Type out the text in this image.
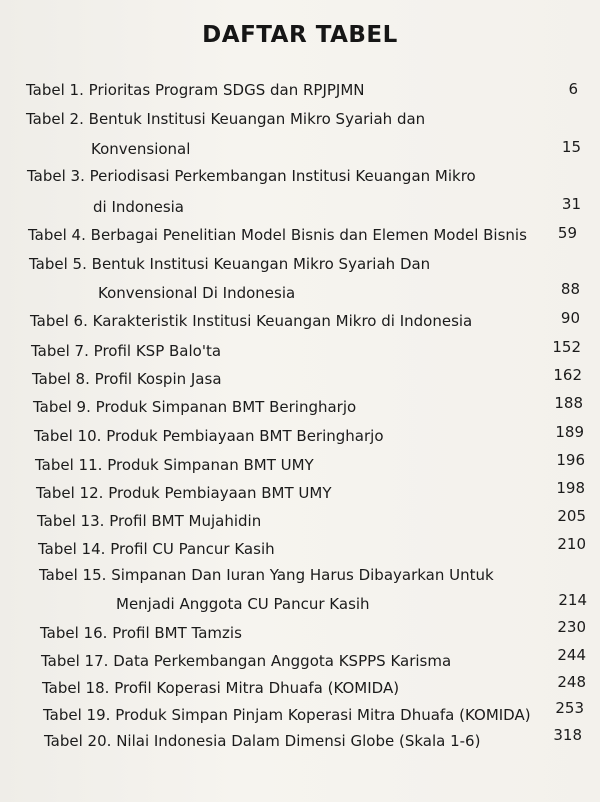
DAFTAR TABEL
Tabel 1. Prioritas Program SDGS dan RPJPJMN	6
Tabel 2. Bentuk Institusi Keuangan Mikro Syariah dan
Konvensional	15
Tabel 3. Periodisasi Perkembangan Institusi Keuangan Mikro
di Indonesia	31
Tabel 4. Berbagai Penelitian Model Bisnis dan Elemen Model Bisnis	59
Tabel 5. Bentuk Institusi Keuangan Mikro Syariah Dan
Konvensional Di Indonesia	88
Tabel 6. Karakteristik Institusi Keuangan Mikro di Indonesia	90
Tabel 7. Profil KSP Balo'ta	152
Tabel 8. Profil Kospin Jasa	162
Tabel 9. Produk Simpanan BMT Beringharjo	188
Tabel 10. Produk Pembiayaan BMT Beringharjo	189
Tabel 11. Produk Simpanan BMT UMY	196
Tabel 12. Produk Pembiayaan BMT UMY	198
Tabel 13. Profil BMT Mujahidin	205
Tabel 14. Profil CU Pancur Kasih	210
Tabel 15. Simpanan Dan Iuran Yang Harus Dibayarkan Untuk
Menjadi Anggota CU Pancur Kasih	214
Tabel 16. Profil BMT Tamzis	230
Tabel 17. Data Perkembangan Anggota KSPPS Karisma	244
Tabel 18. Profil Koperasi Mitra Dhuafa (KOMIDA)	248
Tabel 19. Produk Simpan Pinjam Koperasi Mitra Dhuafa (KOMIDA)	253
Tabel 20. Nilai Indonesia Dalam Dimensi Globe (Skala 1-6)	318
